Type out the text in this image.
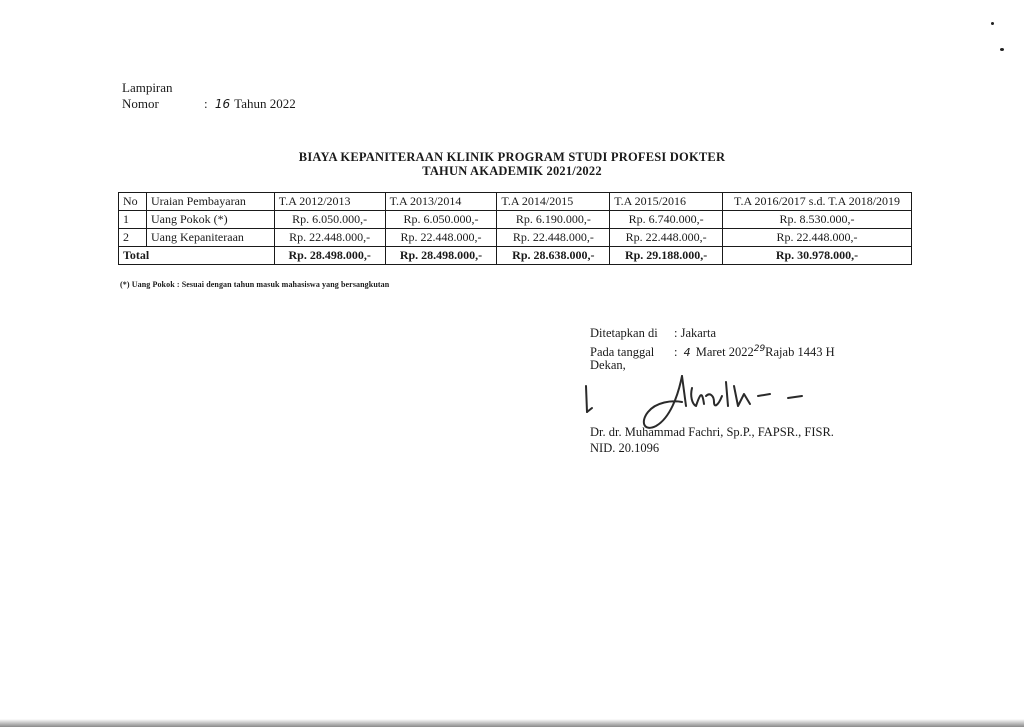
Lampiran
Nomor	: 16 Tahun 2022
BIAYA KEPANITERAAN KLINIK PROGRAM STUDI PROFESI DOKTER
TAHUN AKADEMIK 2021/2022
No	Uraian Pembayaran	T.A 2012/2013	T.A 2013/2014	T.A 2014/2015	T.A 2015/2016	T.A 2016/2017 s.d. T.A 2018/2019
1	Uang Pokok (*)	Rp. 6.050.000,-	Rp. 6.050.000,-	Rp. 6.190.000,-	Rp. 6.740.000,-	Rp. 8.530.000,-
2	Uang Kepaniteraan	Rp. 22.448.000,-	Rp. 22.448.000,-	Rp. 22.448.000,-	Rp. 22.448.000,-	Rp. 22.448.000,-
Total		Rp. 28.498.000,-	Rp. 28.498.000,-	Rp. 28.638.000,-	Rp. 29.188.000,-	Rp. 30.978.000,-
(*) Uang Pokok : Sesuai dengan tahun masuk mahasiswa yang bersangkutan
Ditetapkan di : Jakarta
Pada tanggal : 4 Maret 2022$^{29}$Rajab 1443 H
Dekan,
Dr. dr. Muhammad Fachri, Sp.P., FAPSR., FISR.
NID. 20.1096
